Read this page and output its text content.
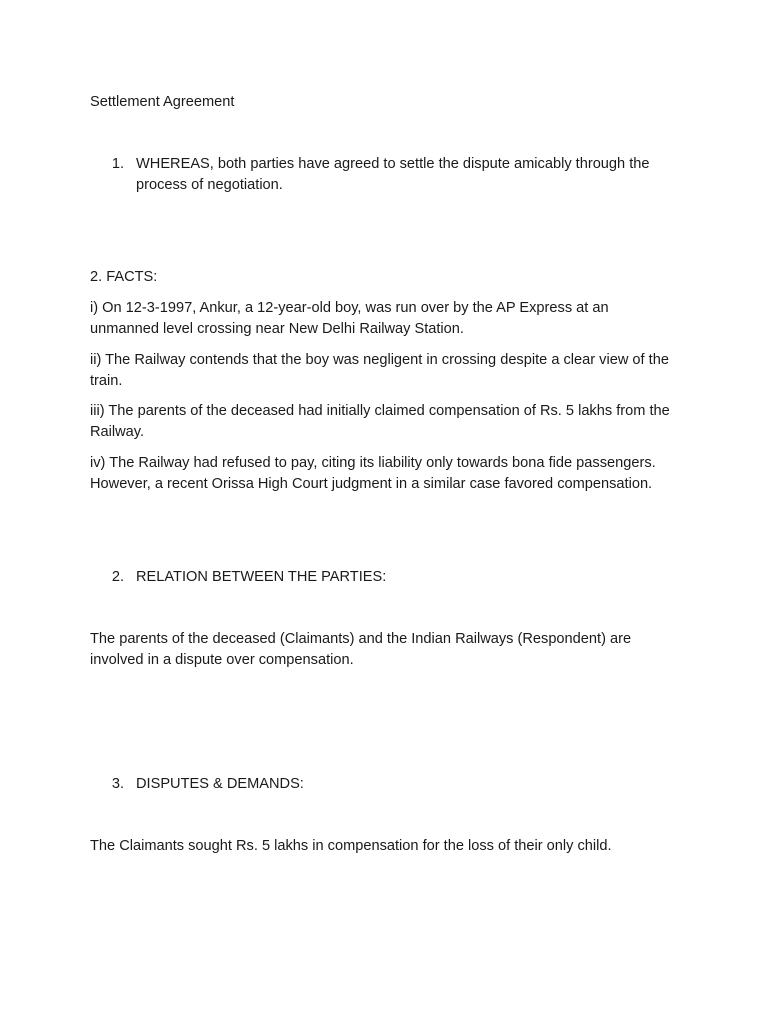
Settlement Agreement

1. WHEREAS, both parties have agreed to settle the dispute amicably through the process of negotiation.

2. FACTS:

i) On 12-3-1997, Ankur, a 12-year-old boy, was run over by the AP Express at an unmanned level crossing near New Delhi Railway Station.

ii) The Railway contends that the boy was negligent in crossing despite a clear view of the train.

iii) The parents of the deceased had initially claimed compensation of Rs. 5 lakhs from the Railway.

iv) The Railway had refused to pay, citing its liability only towards bona fide passengers. However, a recent Orissa High Court judgment in a similar case favored compensation.

2. RELATION BETWEEN THE PARTIES:

The parents of the deceased (Claimants) and the Indian Railways (Respondent) are involved in a dispute over compensation.

3. DISPUTES & DEMANDS:

The Claimants sought Rs. 5 lakhs in compensation for the loss of their only child.
